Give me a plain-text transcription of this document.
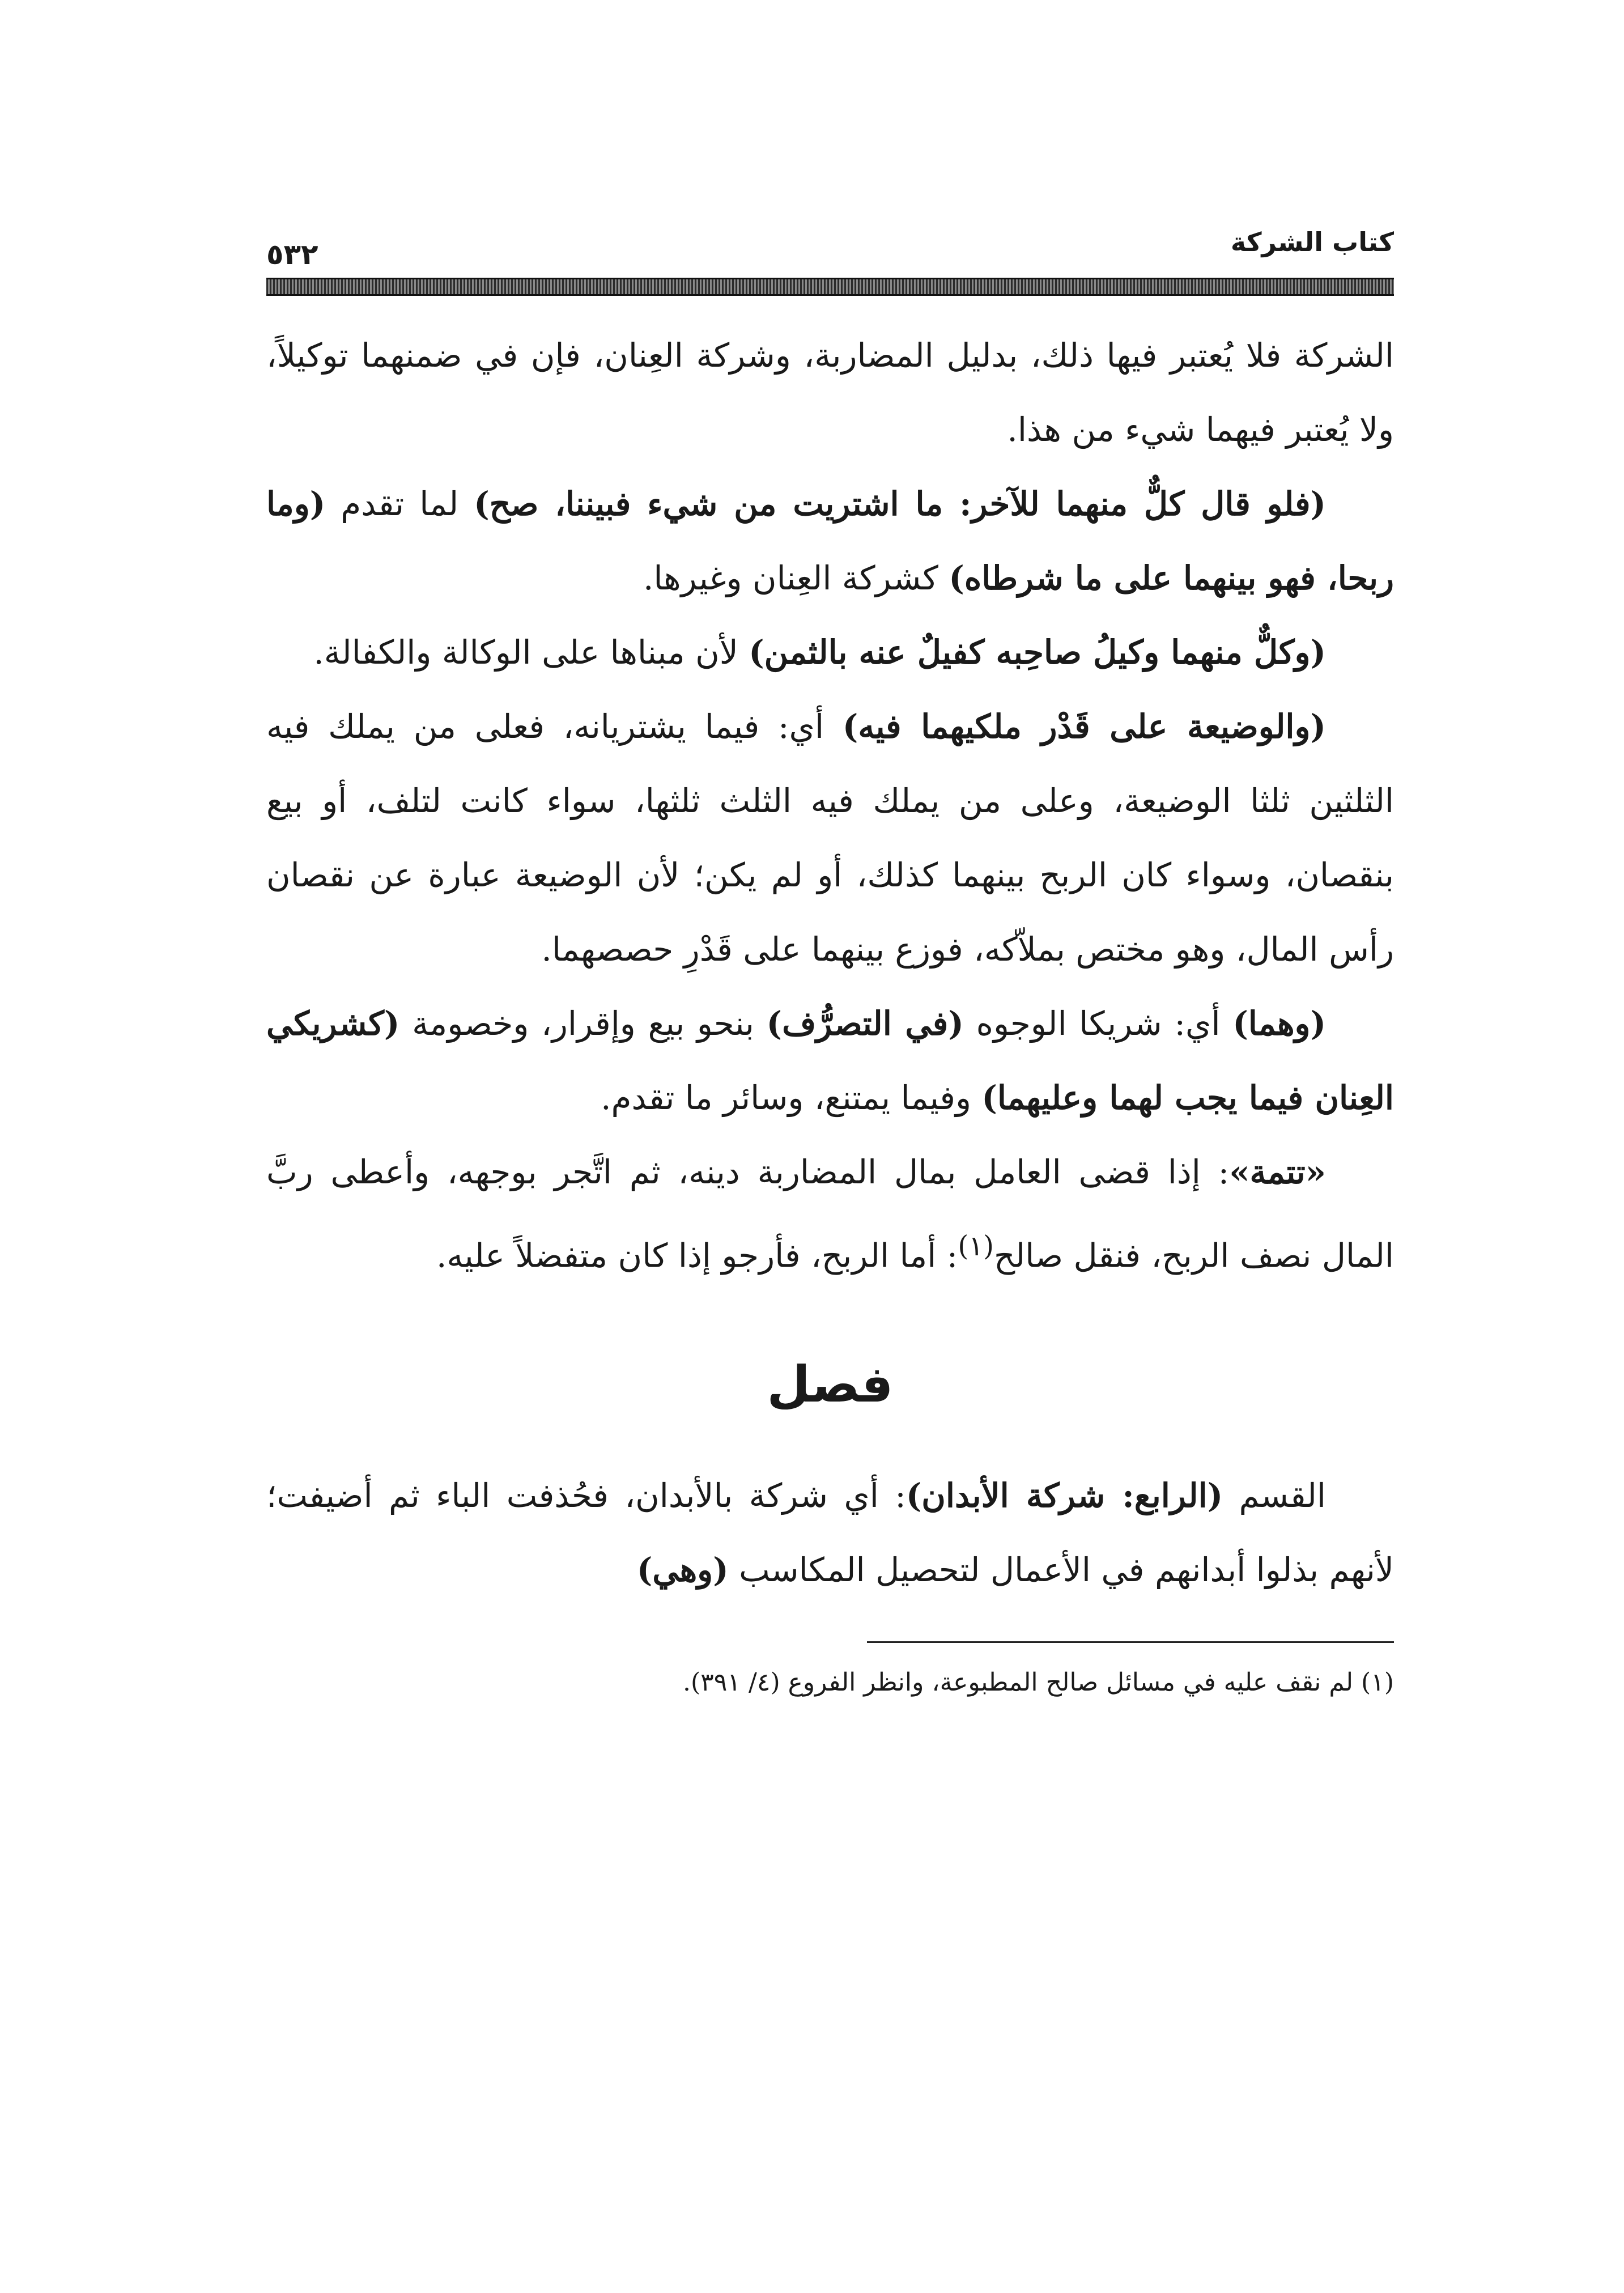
كتاب الشركة
٥٣٢

الشركة فلا يُعتبر فيها ذلك، بدليل المضاربة، وشركة العِنان، فإن في ضمنهما توكيلاً، ولا يُعتبر فيهما شيء من هذا.

(فلو قال كلٌّ منهما للآخر: ما اشتريت من شيء فبيننا، صح) لما تقدم (وما ربحا، فهو بينهما على ما شرطاه) كشركة العِنان وغيرها.

(وكلٌّ منهما وكيلُ صاحِبه كفيلٌ عنه بالثمن) لأن مبناها على الوكالة والكفالة.

(والوضيعة على قَدْر ملكيهما فيه) أي: فيما يشتريانه، فعلى من يملك فيه الثلثين ثلثا الوضيعة، وعلى من يملك فيه الثلث ثلثها، سواء كانت لتلف، أو بيع بنقصان، وسواء كان الربح بينهما كذلك، أو لم يكن؛ لأن الوضيعة عبارة عن نقصان رأس المال، وهو مختص بملاّكه، فوزع بينهما على قَدْرِ حصصهما.

(وهما) أي: شريكا الوجوه (في التصرُّف) بنحو بيع وإقرار، وخصومة (كشريكي العِنان فيما يجب لهما وعليهما) وفيما يمتنع، وسائر ما تقدم.

«تتمة»: إذا قضى العامل بمال المضاربة دينه، ثم اتَّجر بوجهه، وأعطى ربَّ المال نصف الربح، فنقل صالح$^{(١)}$: أما الربح، فأرجو إذا كان متفضلاً عليه.

فصل

القسم (الرابع: شركة الأبدان): أي شركة بالأبدان، فحُذفت الباء ثم أضيفت؛ لأنهم بذلوا أبدانهم في الأعمال لتحصيل المكاسب (وهي)

(١) لم نقف عليه في مسائل صالح المطبوعة، وانظر الفروع (٤/ ٣٩١).
